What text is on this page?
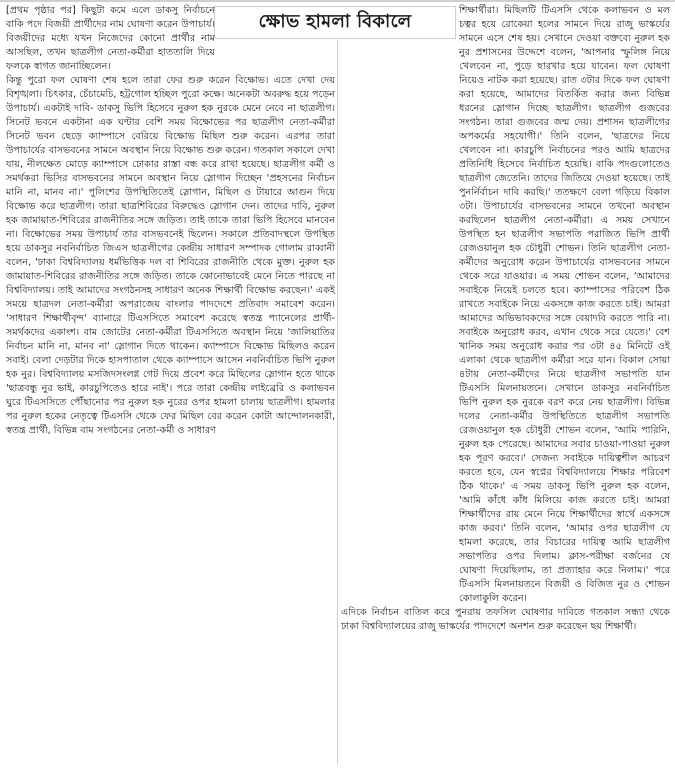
ক্ষোভ হামলা বিকালে

[প্রথম পৃষ্ঠার পর] কিছুটা কমে এলে ডাকসু নির্বাচনে বাকি পদে বিজয়ী প্রার্থীদের নাম ঘোষণা করেন উপাচার্য। বিজয়ীদের মধ্যে যখন নিজেদের কোনো প্রার্থীর নাম আসছিল, তখন ছাত্রলীগ নেতা-কর্মীরা হাততালি দিয়ে ফলকে স্বাগত জানাচ্ছিলেন।

কিন্তু পুরো ফল ঘোষণা শেষ হলে তারা ফের শুরু করেন বিক্ষোভ। এতে দেখা দেয় বিশৃঙ্খলা। চিৎকার, চেঁচামেচি, হট্টগোল হচ্ছিল পুরো কক্ষে। অনেকটা অবরুদ্ধ হয়ে পড়েন উপাচার্য। একটাই দাবি- ডাকসু ভিপি হিসেবে নুরুল হক নুরকে মেনে নেবে না ছাত্রলীগ। সিনেট ভবনে একটানা এক ঘণ্টার বেশি সময় বিক্ষোভের পর ছাত্রলীগ নেতা-কর্মীরা সিনেট ভবন ছেড়ে ক্যাম্পাসে বেরিয়ে বিক্ষোভ মিছিল শুরু করেন। এরপর তারা উপাচার্যের বাসভবনের সামনে অবস্থান নিয়ে বিক্ষোভ শুরু করেন। গতকাল সকালে দেখা যায়, নীলক্ষেত মোড়ে ক্যাম্পাসে ঢোকার রাস্তা বন্ধ করে রাখা হয়েছে। ছাত্রলীগ কর্মী ও সমর্থকরা ভিসির বাসভবনের সামনে অবস্থান নিয়ে স্লোগান দিচ্ছেন 'প্রহসনের নির্বাচন মানি না, মানব না।' পুলিশের উপস্থিতিতেই স্লোগান, মিছিল ও টায়ারে আগুন দিয়ে বিক্ষোভ করে ছাত্রলীগ। তারা ছাত্রশিবিরের বিরুদ্ধেও স্লোগান দেন। তাদের দাবি, নুরুল হক জামায়াত-শিবিরের রাজনীতির সঙ্গে জড়িত। তাই তাকে তারা ভিপি হিসেবে মানবেন না। বিক্ষোভের সময় উপাচার্য তার বাসভবনেই ছিলেন। সকালে প্রতিবাদস্থলে উপস্থিত হয়ে ডাকসুর নবনির্বাচিত জিএস ছাত্রলীগের কেন্দ্রীয় সাধারণ সম্পাদক গোলাম রাব্বানী বলেন, 'ঢাকা বিশ্ববিদ্যালয় ধর্মভিত্তিক দল বা শিবিরের রাজনীতি থেকে মুক্ত। নুরুল হক জামায়াত-শিবিরের রাজনীতির সঙ্গে জড়িত। তাকে কোনোভাবেই মেনে নিতে পারছে না বিশ্ববিদ্যালয়। তাই আমাদের সংগঠনসহ সাধারণ অনেক শিক্ষার্থী বিক্ষোভ করছেন।' একই সময়ে ছাত্রদল নেতা-কর্মীরা অপরাজেয় বাংলার পাদদেশে প্রতিবাদ সমাবেশ করেন। 'সাধারণ শিক্ষার্থীবৃন্দ' ব্যানারে টিএসসিতে সমাবেশ করেছে স্বতন্ত্র প্যানেলের প্রার্থী-সমর্থকদের একাংশ। বাম জোটের নেতা-কর্মীরা টিএসসিতে অবস্থান নিয়ে 'জালিয়াতির নির্বাচন মানি না, মানব না' স্লোগান দিতে থাকেন। ক্যাম্পাসে বিক্ষোভ মিছিলও করেন সবাই। বেলা দেড়টার দিকে হাসপাতাল থেকে ক্যাম্পাসে আসেন নবনির্বাচিত ভিপি নুরুল হক নুর। বিশ্ববিদ্যালয় মসজিদসংলগ্ন গেট দিয়ে প্রবেশ করে মিছিলের স্লোগান হতে থাকে 'ছাত্রবন্ধু নুর ভাই, কারচুপিতেও হারে নাই'। পরে তারা কেন্দ্রীয় লাইব্রেরি ও কলাভবন ঘুরে টিএসসিতে পৌঁছানোর পর নুরুল হক নুরের ওপর হামলা চালায় ছাত্রলীগ। হামলার পর নুরুল হকের নেতৃত্বে টিএসসি থেকে ফের মিছিল বের করেন কোটা আন্দোলনকারী, স্বতন্ত্র প্রার্থী, বিভিন্ন বাম সংগঠনের নেতা-কর্মী ও সাধারণ

শিক্ষার্থীরা। মিছিলটি টিএসসি থেকে কলাভবন ও মল চত্বর হয়ে রোকেয়া হলের সামনে দিয়ে রাজু ভাস্কর্যের সামনে এসে শেষ হয়। সেখানে দেওয়া বক্তব্যে নুরুল হক নুর প্রশাসনের উদ্দেশে বলেন, 'আপনার স্ফুলিঙ্গ নিয়ে খেলবেন না, পুড়ে ছারখার হয়ে যাবেন। ফল ঘোষণা নিয়েও নাটক করা হয়েছে। রাত ৩টার দিকে ফল ঘোষণা করা হয়েছে, আমাদের বিতর্কিত করার জন্য বিভিন্ন ধরনের স্লোগান দিচ্ছে ছাত্রলীগ। ছাত্রলীগ গুজবের সংগঠন। তারা গুজবের জন্ম দেয়। প্রশাসন ছাত্রলীগের অপকর্মের সহযোগী।' তিনি বলেন, 'ছাত্রদের নিয়ে খেলবেন না। কারচুপি নির্বাচনের পরও আমি ছাত্রদের প্রতিনিধি হিসেবে নির্বাচিত হয়েছি। বাকি পদগুলোতেও ছাত্রলীগ জেতেনি। তাদের জিতিয়ে দেওয়া হয়েছে। তাই পুনর্নির্বাচন দাবি করছি।' ততক্ষণে বেলা গড়িয়ে বিকাল ৩টা। উপাচার্যের বাসভবনের সামনে তখনো অবস্থান করছিলেন ছাত্রলীগ নেতা-কর্মীরা। এ সময় সেখানে উপস্থিত হন ছাত্রলীগ সভাপতি পরাজিত ভিপি প্রার্থী রেজওয়ানুল হক চৌধুরী শোভন। তিনি ছাত্রলীগ নেতা-কর্মীদের অনুরোধ করেন উপাচার্যের বাসভবনের সামনে থেকে সরে যাওয়ার। এ সময় শোভন বলেন, 'আমাদের সবাইকে নিয়েই চলতে হবে। ক্যাম্পাসের পরিবেশ ঠিক রাখতে সবাইকে নিয়ে একসঙ্গে কাজ করতে চাই। আমরা আমাদের অভিভাবকদের সঙ্গে বেয়াদবি করতে পারি না। সবাইকে অনুরোধ করব, এখান থেকে সরে যেতে।' বেশ খানিক সময় অনুরোধ করার পর ৩টা ৪৫ মিনিটে ওই এলাকা থেকে ছাত্রলীগ কর্মীরা সরে যান। বিকাল সোয়া ৪টায় নেতা-কর্মীদের নিয়ে ছাত্রলীগ সভাপতি যান টিএসসি মিলনায়তনে। সেখানে ডাকসুর নবনির্বাচিত ভিপি নুরুল হক নুরকে বরণ করে নেয় ছাত্রলীগ। বিভিন্ন দলের নেতা-কর্মীর উপস্থিতিতে ছাত্রলীগ সভাপতি রেজওয়ানুল হক চৌধুরী শোভন বলেন, 'আমি পারিনি, নুরুল হক পেরেছে। আমাদের সবার চাওয়া-পাওয়া নুরুল হক পূরণ করবে।' সেজন্য সবাইকে দায়িত্বশীল আচরণ করতে হবে, যেন স্বপ্নের বিশ্ববিদ্যালয়ে শিক্ষার পরিবেশ ঠিক থাকে।' এ সময় ডাকসু ভিপি নুরুল হক বলেন, 'আমি কাঁধে কাঁধ মিলিয়ে কাজ করতে চাই। আমরা শিক্ষার্থীদের রায় মেনে নিয়ে শিক্ষার্থীদের স্বার্থে একসঙ্গে কাজ করব।' তিনি বলেন, 'আমার ওপর ছাত্রলীগ যে হামলা করেছে, তার বিচারের দায়িত্ব আমি ছাত্রলীগ সভাপতির ওপর দিলাম। ক্লাস-পরীক্ষা বর্জনের যে ঘোষণা দিয়েছিলাম, তা প্রত্যাহার করে নিলাম।' পরে টিএসসি মিলনায়তনে বিজয়ী ও বিজিত নুর ও শোভন কোলাকুলি করেন।

এদিকে নির্বাচন বাতিল করে পুনরায় তফসিল ঘোষণার দাবিতে গতকাল সন্ধ্যা থেকে ঢাকা বিশ্ববিদ্যালয়ের রাজু ভাস্কর্যের পাদদেশে অনশন শুরু করেছেন ছয় শিক্ষার্থী।
